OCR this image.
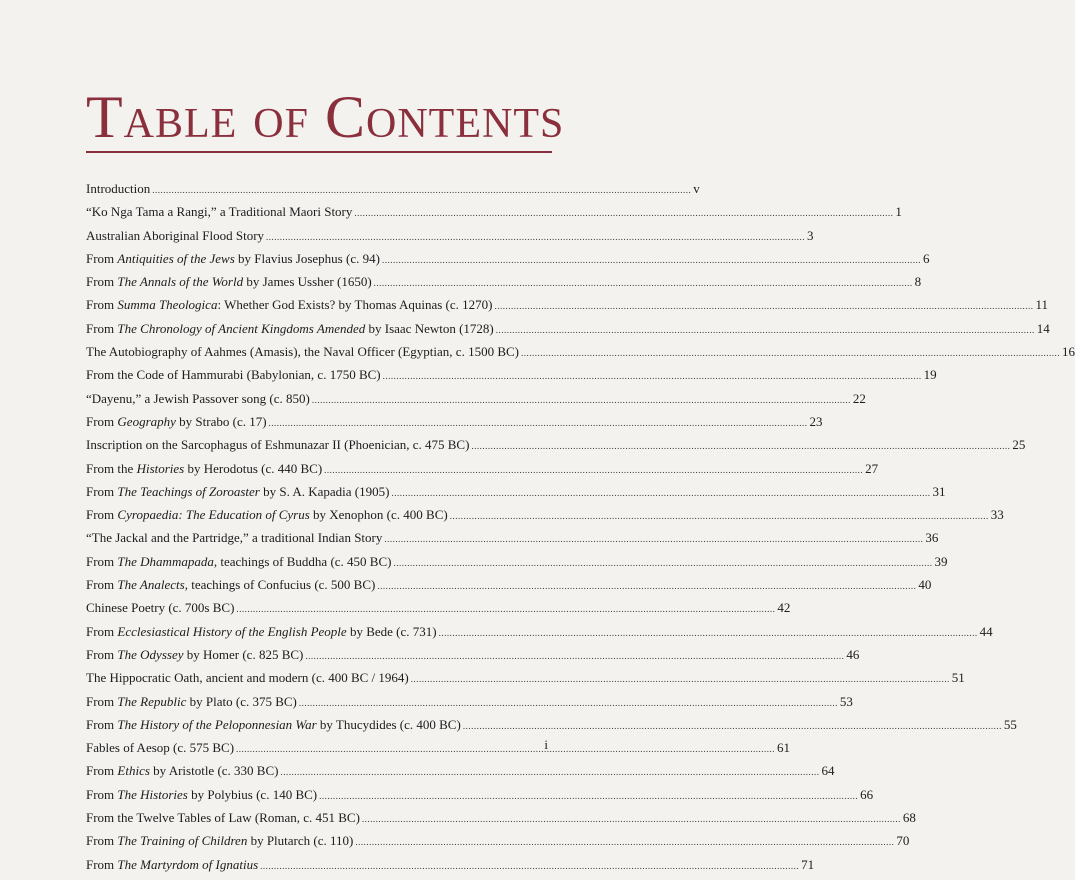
Table of Contents
Introduction .....	v
“Ko Nga Tama a Rangi,” a Traditional Maori Story .....	1
Australian Aboriginal Flood Story .....	3
From Antiquities of the Jews by Flavius Josephus (c. 94) .....	6
From The Annals of the World by James Ussher (1650) .....	8
From Summa Theologica: Whether God Exists? by Thomas Aquinas (c. 1270) .....	11
From The Chronology of Ancient Kingdoms Amended by Isaac Newton (1728) .....	14
The Autobiography of Aahmes (Amasis), the Naval Officer (Egyptian, c. 1500 BC) .....	16
From the Code of Hammurabi (Babylonian, c. 1750 BC) .....	19
“Dayenu,” a Jewish Passover song (c. 850) .....	22
From Geography by Strabo (c. 17) .....	23
Inscription on the Sarcophagus of Eshmunazar II (Phoenician, c. 475 BC) .....	25
From the Histories by Herodotus (c. 440 BC) .....	27
From The Teachings of Zoroaster by S. A. Kapadia (1905) .....	31
From Cyropaedia: The Education of Cyrus by Xenophon (c. 400 BC) .....	33
“The Jackal and the Partridge,” a traditional Indian Story .....	36
From The Dhammapada, teachings of Buddha (c. 450 BC) .....	39
From The Analects, teachings of Confucius (c. 500 BC) .....	40
Chinese Poetry (c. 700s BC) .....	42
From Ecclesiastical History of the English People by Bede (c. 731) .....	44
From The Odyssey by Homer (c. 825 BC) .....	46
The Hippocratic Oath, ancient and modern (c. 400 BC / 1964) .....	51
From The Republic by Plato (c. 375 BC) .....	53
From The History of the Peloponnesian War by Thucydides (c. 400 BC) .....	55
Fables of Aesop (c. 575 BC) .....	61
From Ethics by Aristotle (c. 330 BC) .....	64
From The Histories by Polybius (c. 140 BC) .....	66
From the Twelve Tables of Law (Roman, c. 451 BC) .....	68
From The Training of Children by Plutarch (c. 110) .....	70
From The Martyrdom of Ignatius .....	71
i
